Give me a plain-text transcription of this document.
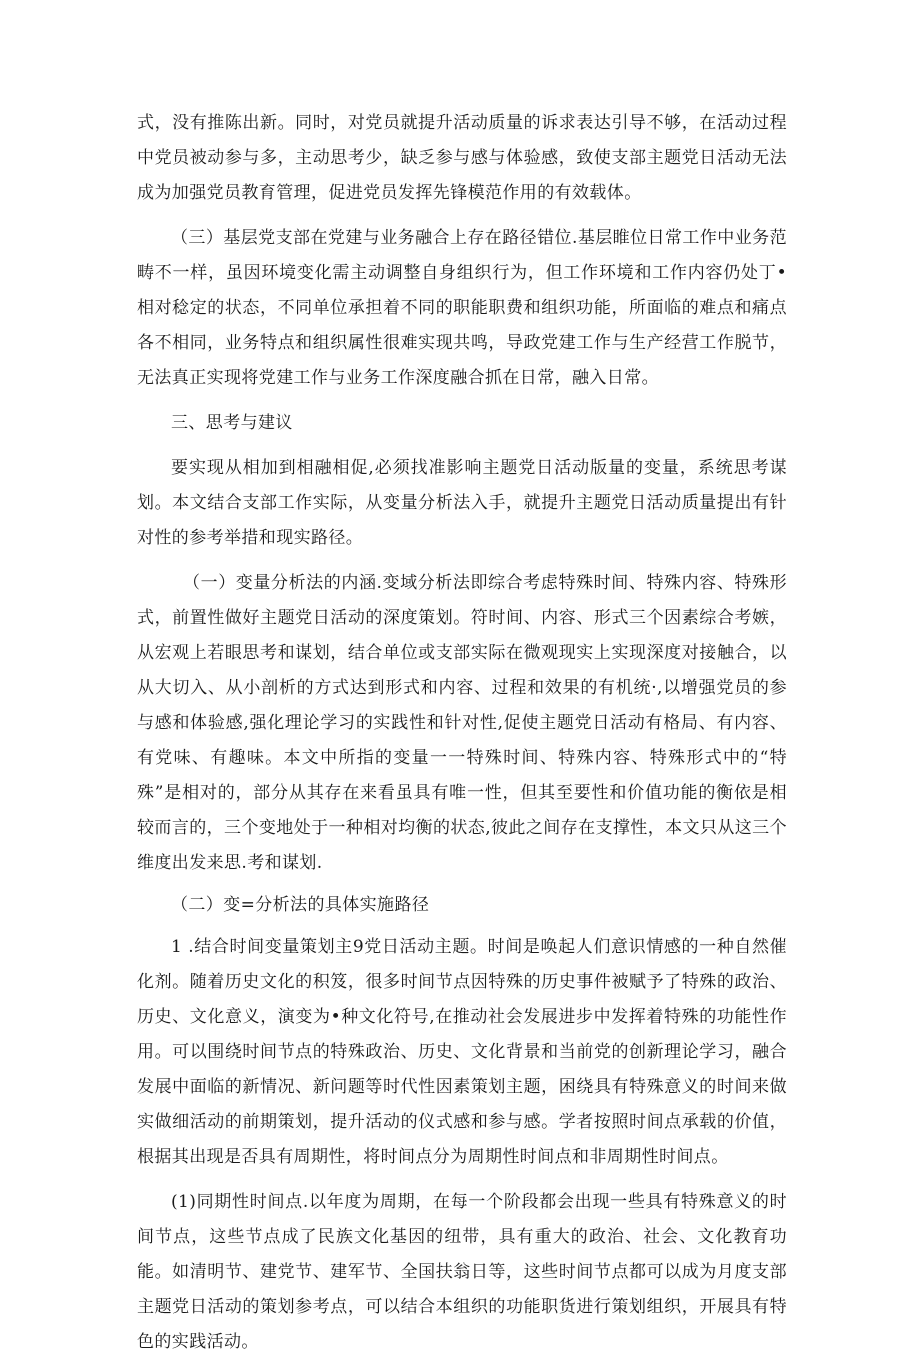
式，没有推陈出新。同时，对党员就提升活动质量的诉求表达引导不够，在活动过程中党员被动参与多，主动思考少，缺乏参与感与体验感，致使支部主题党日活动无法成为加强党员教育管理，促进党员发挥先锋模范作用的有效载体。

（三）基层党支部在党建与业务融合上存在路径错位.基层睢位日常工作中业务范畴不一样，虽因环境变化需主动调整自身组织行为，但工作环境和工作内容仍处丁•相对稔定的状态，不同单位承担着不同的职能职费和组织功能，所面临的难点和痛点各不相同，业务特点和组织属性很难实现共鸣，导政党建工作与生产经营工作脱节，无法真正实现将党建工作与业务工作深度融合抓在日常，融入日常。

三、思考与建议

要实现从相加到相融相促,必须找准影响主题党日活动版量的变量，系统思考谋划。本文结合支部工作实际，从变量分析法入手，就提升主题党日活动质量提出有针对性的参考举措和现实路径。

（一）变量分析法的内涵.变域分析法即综合考虑特殊时间、特殊内容、特殊形式，前置性做好主题党日活动的深度策划。符时间、内容、形式三个因素综合考嫉，从宏观上若眼思考和谋划，结合单位或支部实际在微观现实上实现深度对接触合，以从大切入、从小剖析的方式达到形式和内容、过程和效果的有机统·,以增强党员的参与感和体验感,强化理论学习的实践性和针对性,促使主题党日活动有格局、有内容、有党味、有趣味。本文中所指的变量一一特殊时间、特殊内容、特殊形式中的“特殊”是相对的，部分从其存在来看虽具有唯一性，但其至要性和价值功能的衡依是相较而言的，三个变地处于一种相对均衡的状态,彼此之间存在支撑性，本文只从这三个维度出发来思.考和谋划.

（二）变=分析法的具体实施路径

1 .结合时间变量策划主9党日活动主题。时间是唤起人们意识情感的一种自然催化剂。随着历史文化的积笈，很多时间节点因特殊的历史事件被赋予了特殊的政治、历史、文化意义，演变为•种文化符号,在推动社会发展进步中发挥着特殊的功能性作用。可以围绕时间节点的特殊政治、历史、文化背景和当前党的创新理论学习，融合发展中面临的新情况、新问题等时代性因素策划主题，困绕具有特殊意义的时间来做实做细活动的前期策划，提升活动的仪式感和参与感。学者按照时间点承载的价值，根据其出现是否具有周期性，将时间点分为周期性时间点和非周期性时间点。

(1)同期性时间点.以年度为周期，在每一个阶段都会出现一些具有特殊意义的时间节点，这些节点成了民族文化基因的纽带，具有重大的政治、社会、文化教育功能。如清明节、建党节、建军节、全国扶翁日等，这些时间节点都可以成为月度支部主题党日活动的策划参考点，可以结合本组织的功能职货进行策划组织，开展具有特色的实践活动。
